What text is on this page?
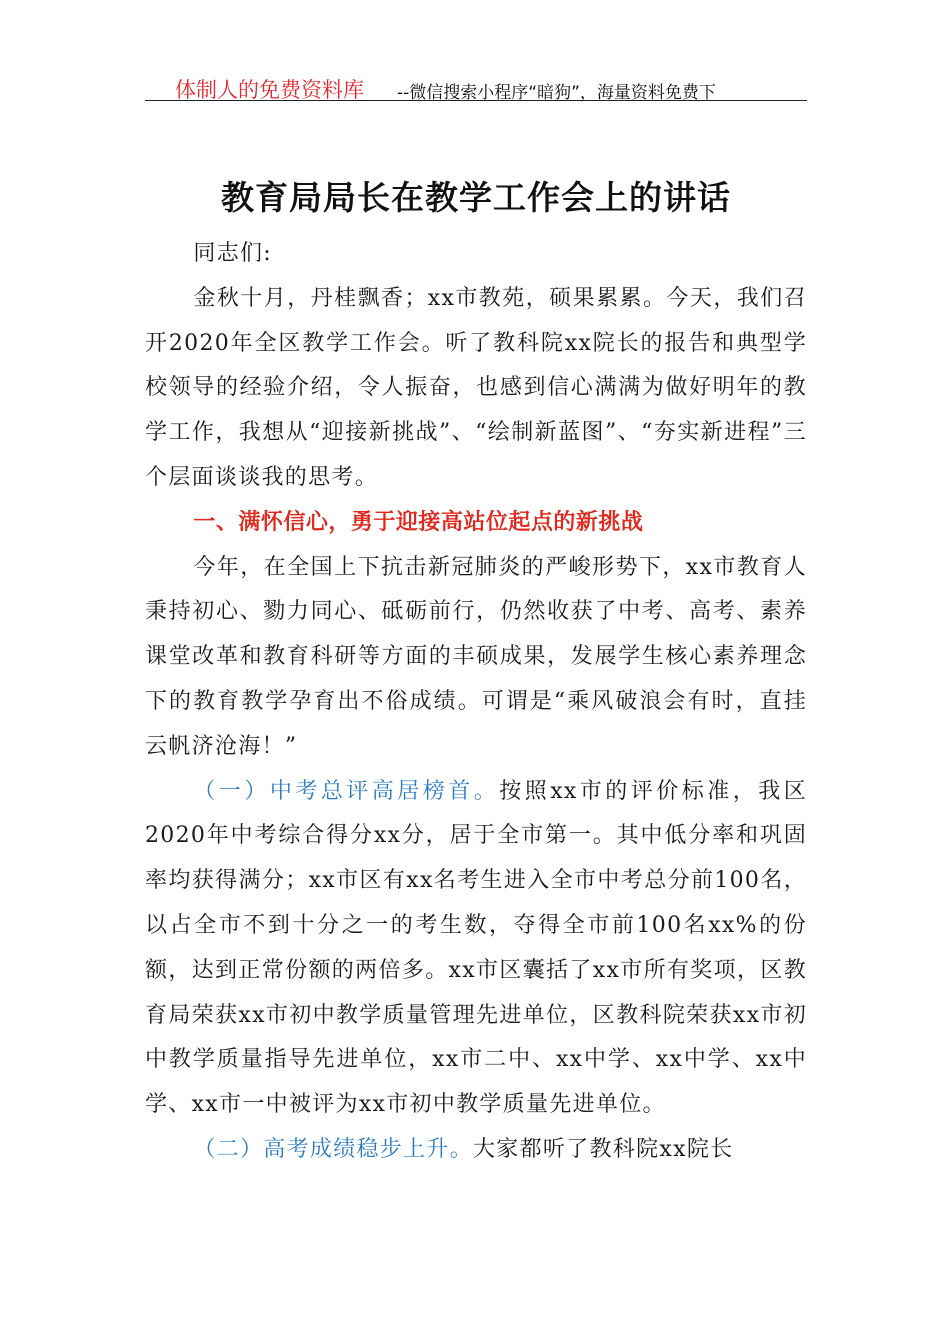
体制人的免费资料库 --微信搜索小程序“暗狗”，海量资料免费下
教育局局长在教学工作会上的讲话

同志们:

金秋十月，丹桂飘香；xx市教苑，硕果累累。今天，我们召开2020年全区教学工作会。听了教科院xx院长的报告和典型学校领导的经验介绍，令人振奋，也感到信心满满为做好明年的教学工作，我想从“迎接新挑战”、“绘制新蓝图”、“夯实新进程”三个层面谈谈我的思考。

一、满怀信心，勇于迎接高站位起点的新挑战

今年，在全国上下抗击新冠肺炎的严峻形势下，xx市教育人秉持初心、勠力同心、砥砺前行，仍然收获了中考、高考、素养课堂改革和教育科研等方面的丰硕成果，发展学生核心素养理念下的教育教学孕育出不俗成绩。可谓是“乘风破浪会有时，直挂云帆济沧海！”

（一）中考总评高居榜首。按照xx市的评价标准，我区2020年中考综合得分xx分，居于全市第一。其中低分率和巩固率均获得满分；xx市区有xx名考生进入全市中考总分前100名，以占全市不到十分之一的考生数，夺得全市前100名xx%的份额，达到正常份额的两倍多。xx市区囊括了xx市所有奖项，区教育局荣获xx市初中教学质量管理先进单位，区教科院荣获xx市初中教学质量指导先进单位，xx市二中、xx中学、xx中学、xx中学、xx市一中被评为xx市初中教学质量先进单位。

（二）高考成绩稳步上升。大家都听了教科院xx院长
